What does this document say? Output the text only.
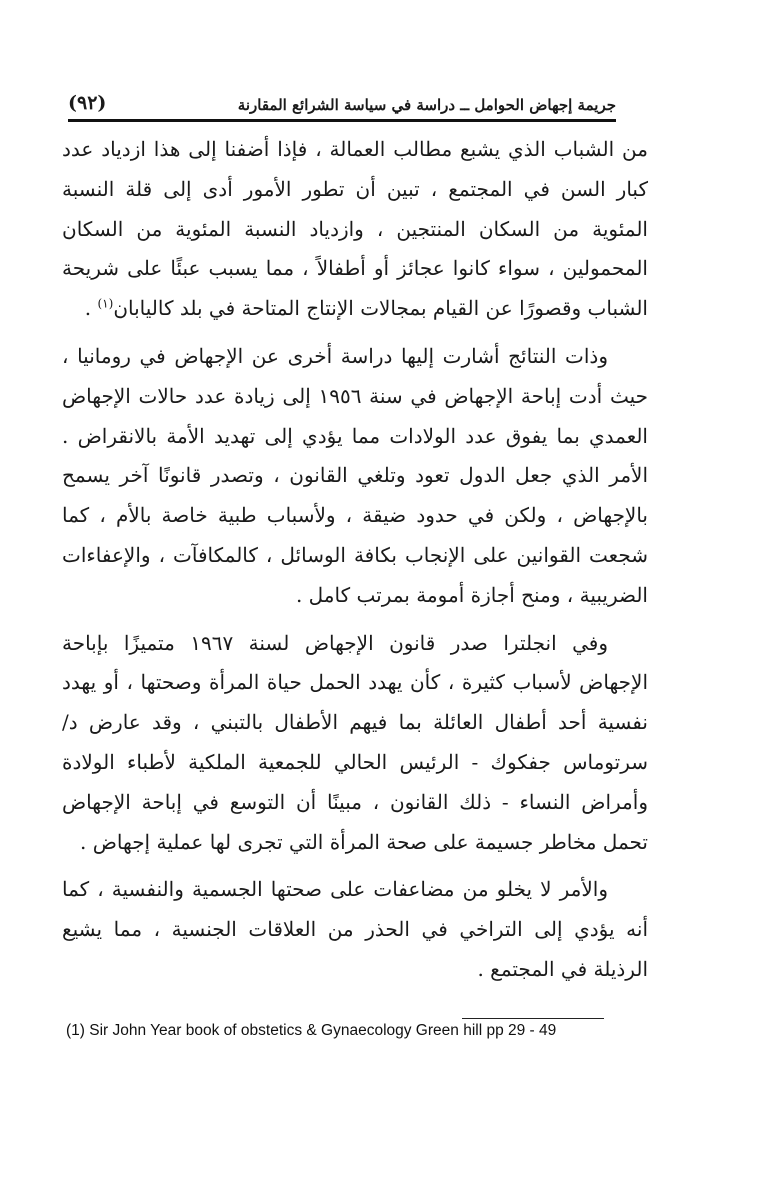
(٩٢)	جريمة إجهاض الحوامل ــ دراسة في سياسة الشرائع المقارنة

من الشباب الذي يشبع مطالب العمالة ، فإذا أضفنا إلى هذا ازدياد عدد كبار السن في المجتمع ، تبين أن تطور الأمور أدى إلى قلة النسبة المئوية من السكان المنتجين ، وازدياد النسبة المئوية من السكان المحمولين ، سواء كانوا عجائز أو أطفالاً ، مما يسبب عبئًا على شريحة الشباب وقصورًا عن القيام بمجالات الإنتاج المتاحة في بلد كاليابان$^{(١)}$ .

وذات النتائج أشارت إليها دراسة أخرى عن الإجهاض في رومانيا ، حيث أدت إباحة الإجهاض في سنة ١٩٥٦ إلى زيادة عدد حالات الإجهاض العمدي بما يفوق عدد الولادات مما يؤدي إلى تهديد الأمة بالانقراض . الأمر الذي جعل الدول تعود وتلغي القانون ، وتصدر قانونًا آخر يسمح بالإجهاض ، ولكن في حدود ضيقة ، ولأسباب طبية خاصة بالأم ، كما شجعت القوانين على الإنجاب بكافة الوسائل ، كالمكافآت ، والإعفاءات الضريبية ، ومنح أجازة أمومة بمرتب كامل .

وفي انجلترا صدر قانون الإجهاض لسنة ١٩٦٧ متميزًا بإباحة الإجهاض لأسباب كثيرة ، كأن يهدد الحمل حياة المرأة وصحتها ، أو يهدد نفسية أحد أطفال العائلة بما فيهم الأطفال بالتبني ، وقد عارض د/ سرتوماس جفكوك - الرئيس الحالي للجمعية الملكية لأطباء الولادة وأمراض النساء - ذلك القانون ، مبينًا أن التوسع في إباحة الإجهاض تحمل مخاطر جسيمة على صحة المرأة التي تجرى لها عملية إجهاض .

والأمر لا يخلو من مضاعفات على صحتها الجسمية والنفسية ، كما أنه يؤدي إلى التراخي في الحذر من العلاقات الجنسية ، مما يشيع الرذيلة في المجتمع .

(1) Sir John Year book of obstetics & Gynaecology Green hill pp 29 - 49
